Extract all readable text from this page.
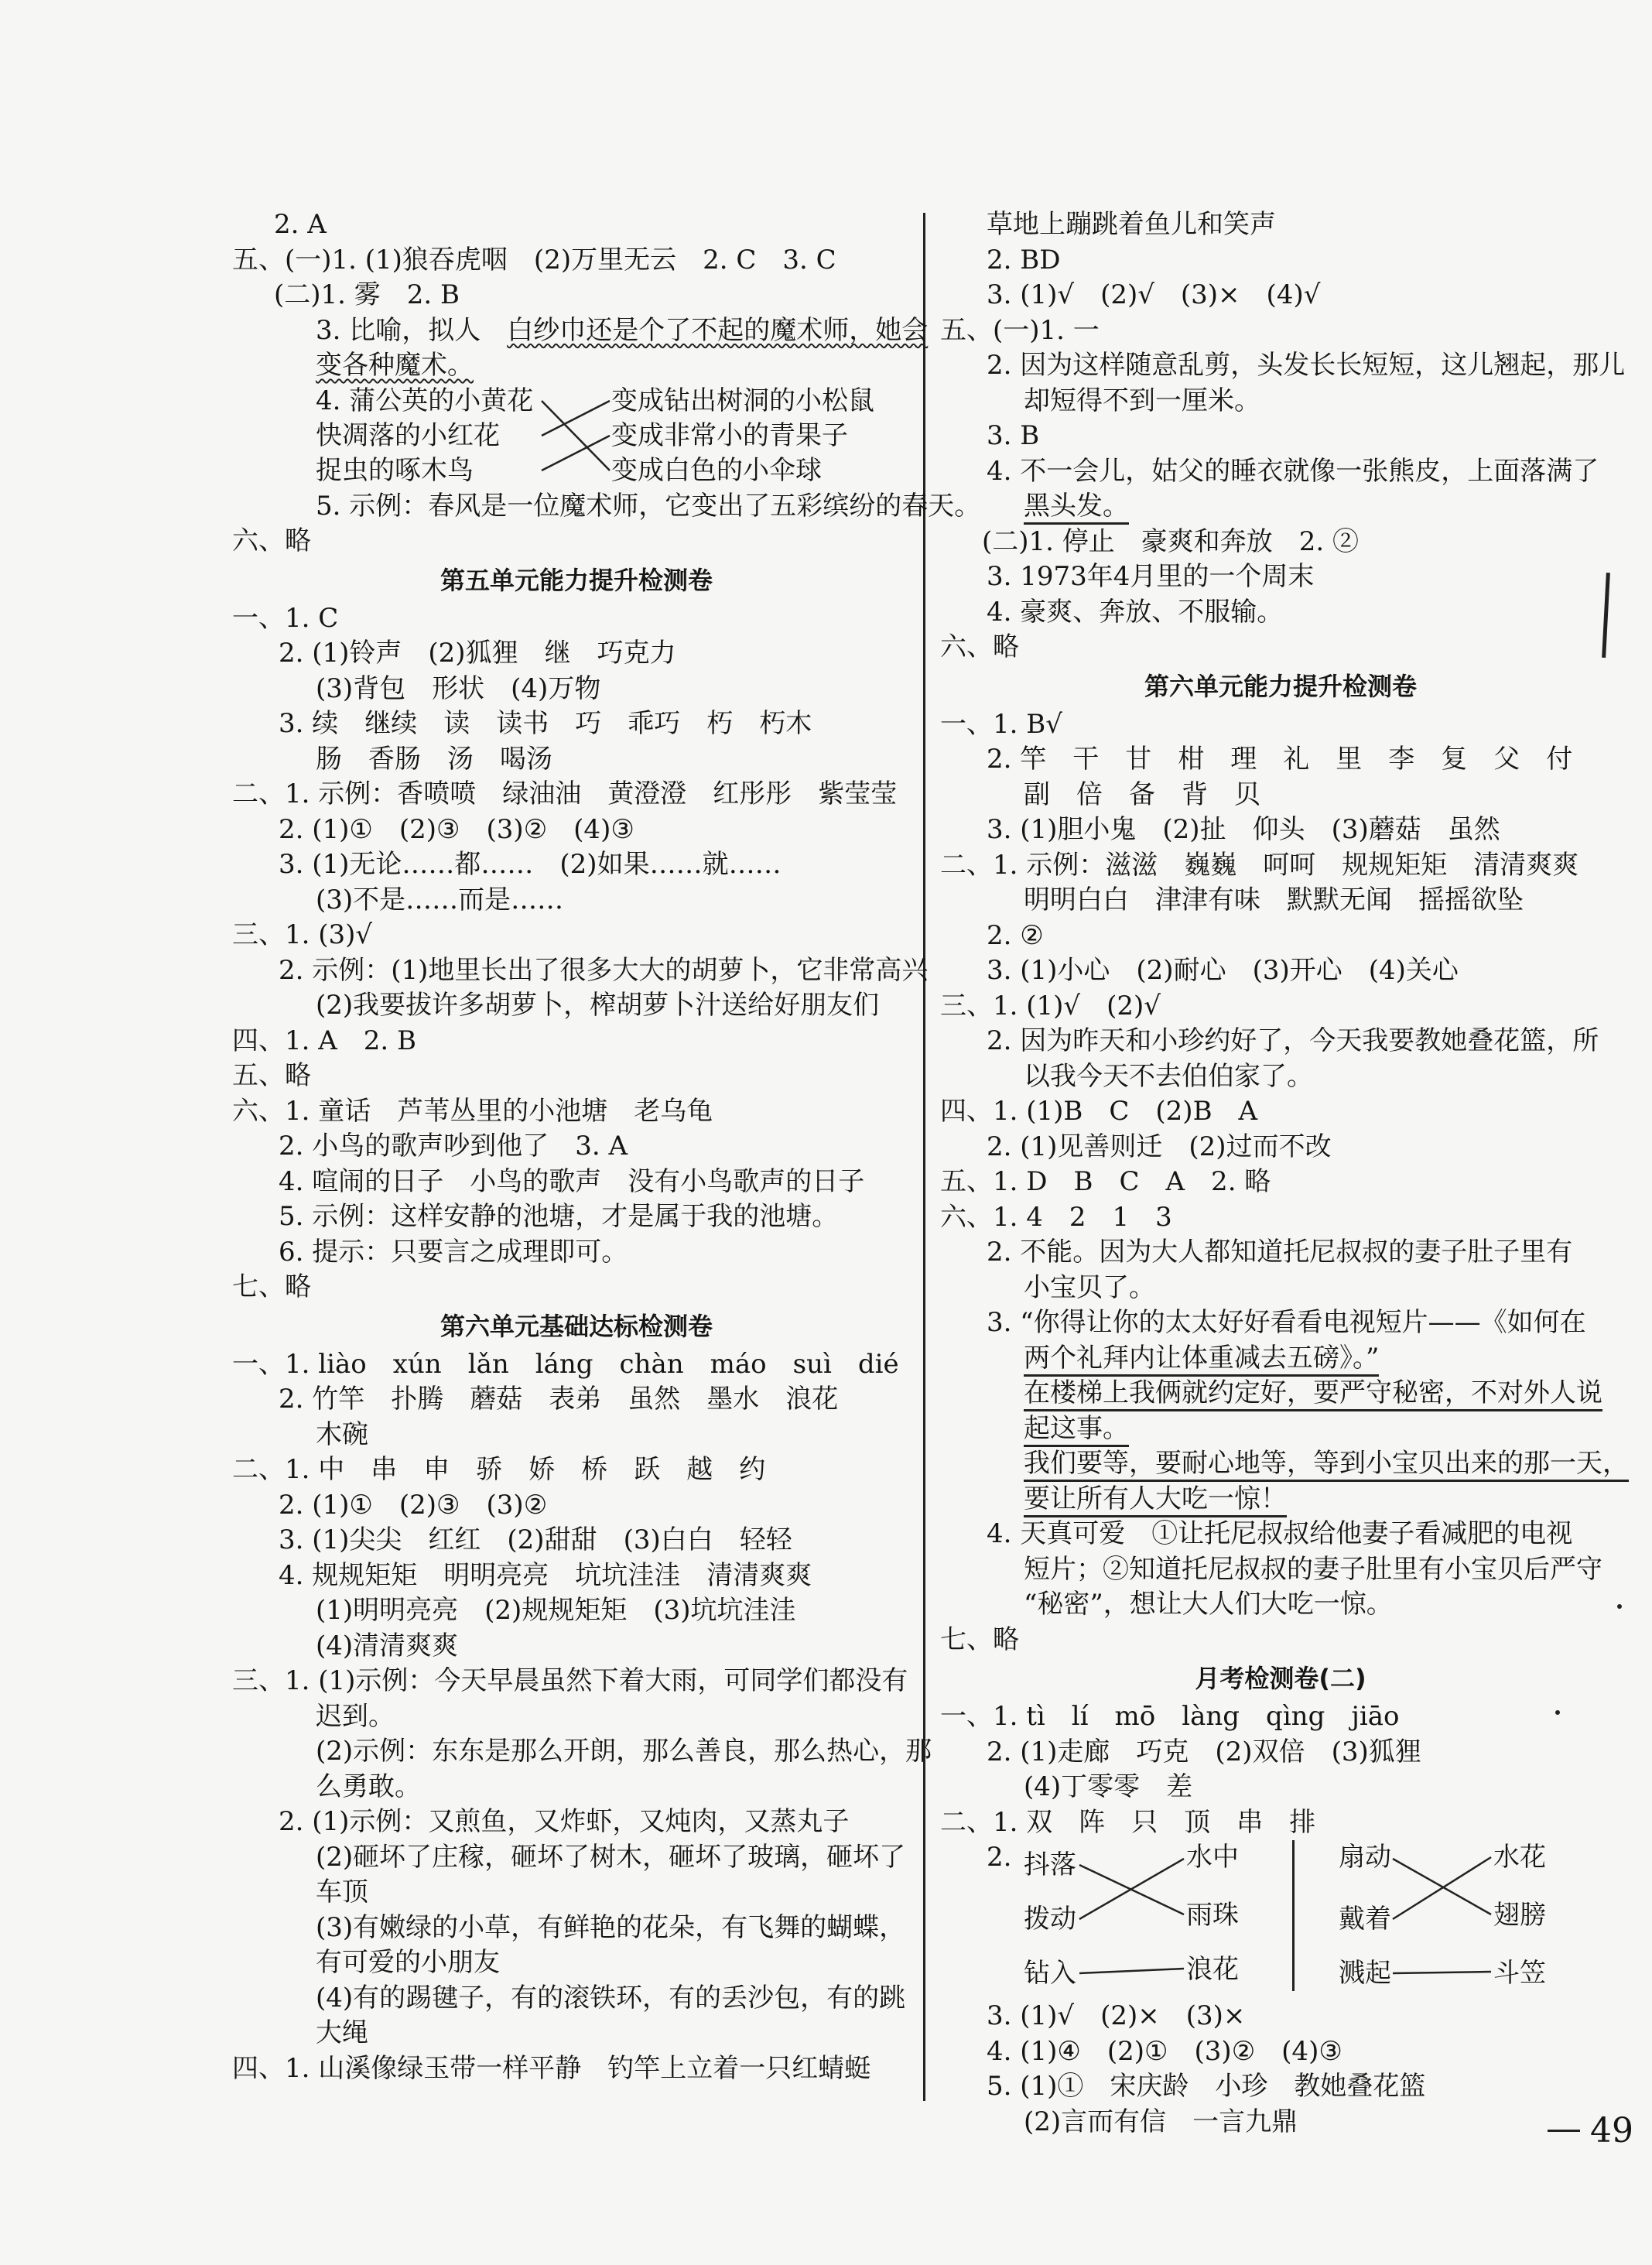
2. A
五、(一)1. (1)狼吞虎咽　(2)万里无云　2. C　3. C
(二)1. 雾　2. B
3. 比喻，拟人　白纱巾还是个了不起的魔术师，她会
变各种魔术。
4. 蒲公英的小黄花
快凋落的小红花
捉虫的啄木鸟
变成钻出树洞的小松鼠
变成非常小的青果子
变成白色的小伞球
5. 示例：春风是一位魔术师，它变出了五彩缤纷的春天。
六、略
第五单元能力提升检测卷
一、1. C
2. (1)铃声　(2)狐狸　继　巧克力
(3)背包　形状　(4)万物
3. 续　继续　读　读书　巧　乖巧　朽　朽木
肠　香肠　汤　喝汤
二、1. 示例：香喷喷　绿油油　黄澄澄　红彤彤　紫莹莹
2. (1)①　(2)③　(3)②　(4)③
3. (1)无论……都……　(2)如果……就……
(3)不是……而是……
三、1. (3)√
2. 示例：(1)地里长出了很多大大的胡萝卜，它非常高兴
(2)我要拔许多胡萝卜，榨胡萝卜汁送给好朋友们
四、1. A　2. B
五、略
六、1. 童话　芦苇丛里的小池塘　老乌龟
2. 小鸟的歌声吵到他了　3. A
4. 喧闹的日子　小鸟的歌声　没有小鸟歌声的日子
5. 示例：这样安静的池塘，才是属于我的池塘。
6. 提示：只要言之成理即可。
七、略
第六单元基础达标检测卷
一、1. liào　xún　lǎn　láng　chàn　máo　suì　dié
2. 竹竿　扑腾　蘑菇　表弟　虽然　墨水　浪花
木碗
二、1. 中　串　申　骄　娇　桥　跃　越　约
2. (1)①　(2)③　(3)②
3. (1)尖尖　红红　(2)甜甜　(3)白白　轻轻
4. 规规矩矩　明明亮亮　坑坑洼洼　清清爽爽
(1)明明亮亮　(2)规规矩矩　(3)坑坑洼洼
(4)清清爽爽
三、1. (1)示例：今天早晨虽然下着大雨，可同学们都没有
迟到。
(2)示例：东东是那么开朗，那么善良，那么热心，那
么勇敢。
2. (1)示例：又煎鱼，又炸虾，又炖肉，又蒸丸子
(2)砸坏了庄稼，砸坏了树木，砸坏了玻璃，砸坏了
车顶
(3)有嫩绿的小草，有鲜艳的花朵，有飞舞的蝴蝶，
有可爱的小朋友
(4)有的踢毽子，有的滚铁环，有的丢沙包，有的跳
大绳
四、1. 山溪像绿玉带一样平静　钓竿上立着一只红蜻蜓
草地上蹦跳着鱼儿和笑声
2. BD
3. (1)√　(2)√　(3)×　(4)√
五、(一)1. 一
2. 因为这样随意乱剪，头发长长短短，这儿翘起，那儿
却短得不到一厘米。
3. B
4. 不一会儿，姑父的睡衣就像一张熊皮，上面落满了
黑头发。
(二)1. 停止　豪爽和奔放　2. ②
3. 1973年4月里的一个周末
4. 豪爽、奔放、不服输。
六、略
第六单元能力提升检测卷
一、1. B√
2. 竿　干　甘　柑　理　礼　里　李　复　父　付
副　倍　备　背　贝
3. (1)胆小鬼　(2)扯　仰头　(3)蘑菇　虽然
二、1. 示例：滋滋　巍巍　呵呵　规规矩矩　清清爽爽
明明白白　津津有味　默默无闻　摇摇欲坠
2. ②
3. (1)小心　(2)耐心　(3)开心　(4)关心
三、1. (1)√　(2)√
2. 因为昨天和小珍约好了，今天我要教她叠花篮，所
以我今天不去伯伯家了。
四、1. (1)B　C　(2)B　A
2. (1)见善则迁　(2)过而不改
五、1. D　B　C　A　2. 略
六、1. 4　2　1　3
2. 不能。因为大人都知道托尼叔叔的妻子肚子里有
小宝贝了。
3. “你得让你的太太好好看看电视短片——《如何在
两个礼拜内让体重减去五磅》。”
在楼梯上我俩就约定好，要严守秘密，不对外人说
起这事。
我们要等，要耐心地等，等到小宝贝出来的那一天，
要让所有人大吃一惊！
4. 天真可爱　①让托尼叔叔给他妻子看减肥的电视
短片；②知道托尼叔叔的妻子肚里有小宝贝后严守
“秘密”，想让大人们大吃一惊。
七、略
月考检测卷(二)
一、1. tì　lí　mō　làng　qìng　jiāo
2. (1)走廊　巧克　(2)双倍　(3)狐狸
(4)丁零零　差
二、1. 双　阵　只　顶　串　排
2. 抖落
拨动
钻入
水中
雨珠
浪花
扇动
戴着
溅起
水花
翅膀
斗笠
3. (1)√　(2)×　(3)×
4. (1)④　(2)①　(3)②　(4)③
5. (1)①　宋庆龄　小珍　教她叠花篮
(2)言而有信　一言九鼎	49
